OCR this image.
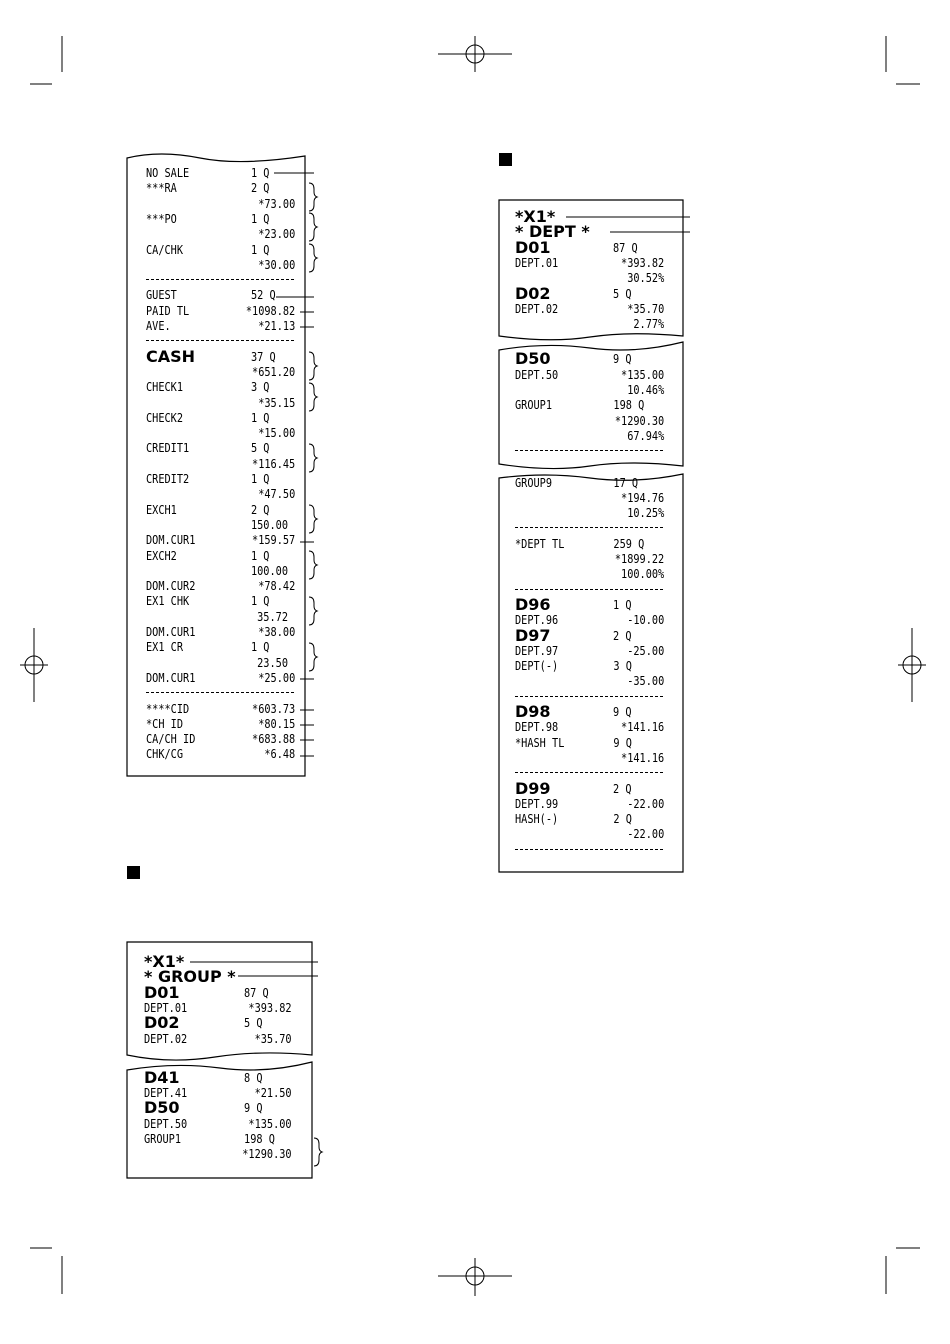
NO SALE	1 Q
***RA	2 Q
*73.00
***PO	1 Q
*23.00
CA/CHK	1 Q
*30.00
GUEST	52 Q
PAID TL	*1098.82
AVE.	*21.13
CASH	37 Q
*651.20
CHECK1	3 Q
*35.15
CHECK2	1 Q
*15.00
CREDIT1	5 Q
*116.45
CREDIT2	1 Q
*47.50
EXCH1	2 Q
150.00
DOM.CUR1	*159.57
EXCH2	1 Q
100.00
DOM.CUR2	*78.42
EX1 CHK	1 Q
35.72
DOM.CUR1	*38.00
EX1 CR	1 Q
23.50
DOM.CUR1	*25.00
****CID	*603.73
*CH ID	*80.15
CA/CH ID	*683.88
CHK/CG	*6.48
*X1*
* GROUP *
D01	87 Q
DEPT.01	*393.82
D02	5 Q
DEPT.02	*35.70
D41	8 Q
DEPT.41	*21.50
D50	9 Q
DEPT.50	*135.00
GROUP1	198 Q
*1290.30
*X1*
* DEPT *
D01	87 Q
DEPT.01	*393.82
30.52%
D02	5 Q
DEPT.02	*35.70
2.77%
D50	9 Q
DEPT.50	*135.00
10.46%
GROUP1	198 Q
*1290.30
67.94%
GROUP9	17 Q
*194.76
10.25%
*DEPT TL	259 Q
*1899.22
100.00%
D96	1 Q
DEPT.96	-10.00
D97	2 Q
DEPT.97	-25.00
DEPT(-)	3 Q
-35.00
D98	9 Q
DEPT.98	*141.16
*HASH TL	9 Q
*141.16
D99	2 Q
DEPT.99	-22.00
HASH(-)	2 Q
-22.00
